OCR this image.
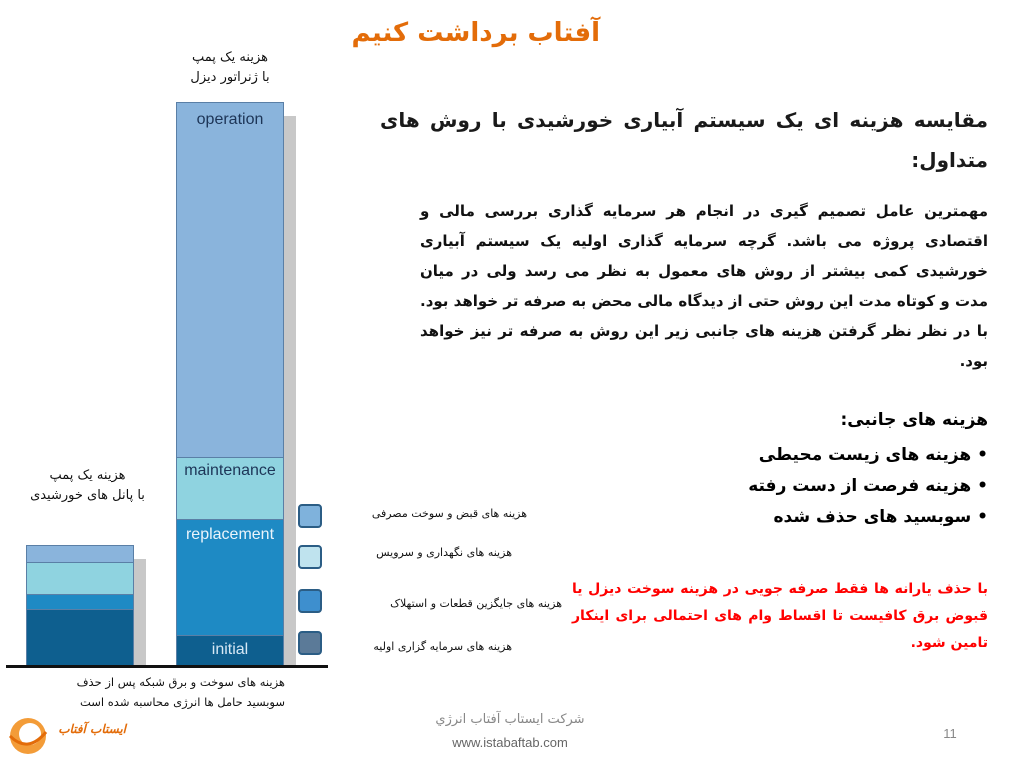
آفتاب برداشت کنیم
هزینه یک پمپ
با ژنراتور دیزل
هزینه یک پمپ
با پانل های خورشیدی
operation
maintenance
replacement
initial
هزینه های قبض و سوخت مصرفی
هزینه های نگهداری و سرویس
هزینه های جایگزین قطعات و استهلاک
هزینه های سرمایه گزاری اولیه
مقایسه هزینه ای یک سیستم آبیاری خورشیدی با روش های متداول:
مهمترین عامل تصمیم گیری در انجام هر سرمایه گذاری بررسی مالی و اقتصادی پروژه می باشد. گرچه سرمایه گذاری اولیه یک سیستم آبیاری خورشیدی کمی بیشتر از روش های معمول به نظر می رسد ولی در میان مدت و کوتاه مدت این روش حتی از دیدگاه مالی محض به صرفه تر خواهد بود. با در نظر نظر گرفتن هزینه های جانبی زیر این روش به صرفه تر نیز خواهد بود.
هزینه های جانبی:
• هزینه های زیست محیطی
• هزینه فرصت از دست رفته
• سوبسید های حذف شده
با حذف یارانه ها فقط صرفه جویی در هزینه سوخت دیزل یا قبوض برق کافیست تا اقساط وام های احتمالی برای اینکار تامین شود.
هزینه های سوخت و برق شبکه پس از حذف
سوبسید حامل ها انرژی محاسبه شده است
ایستاب آفتاب
شرکت ایستاب آفتاب انرژي
www.istabaftab.com
11
